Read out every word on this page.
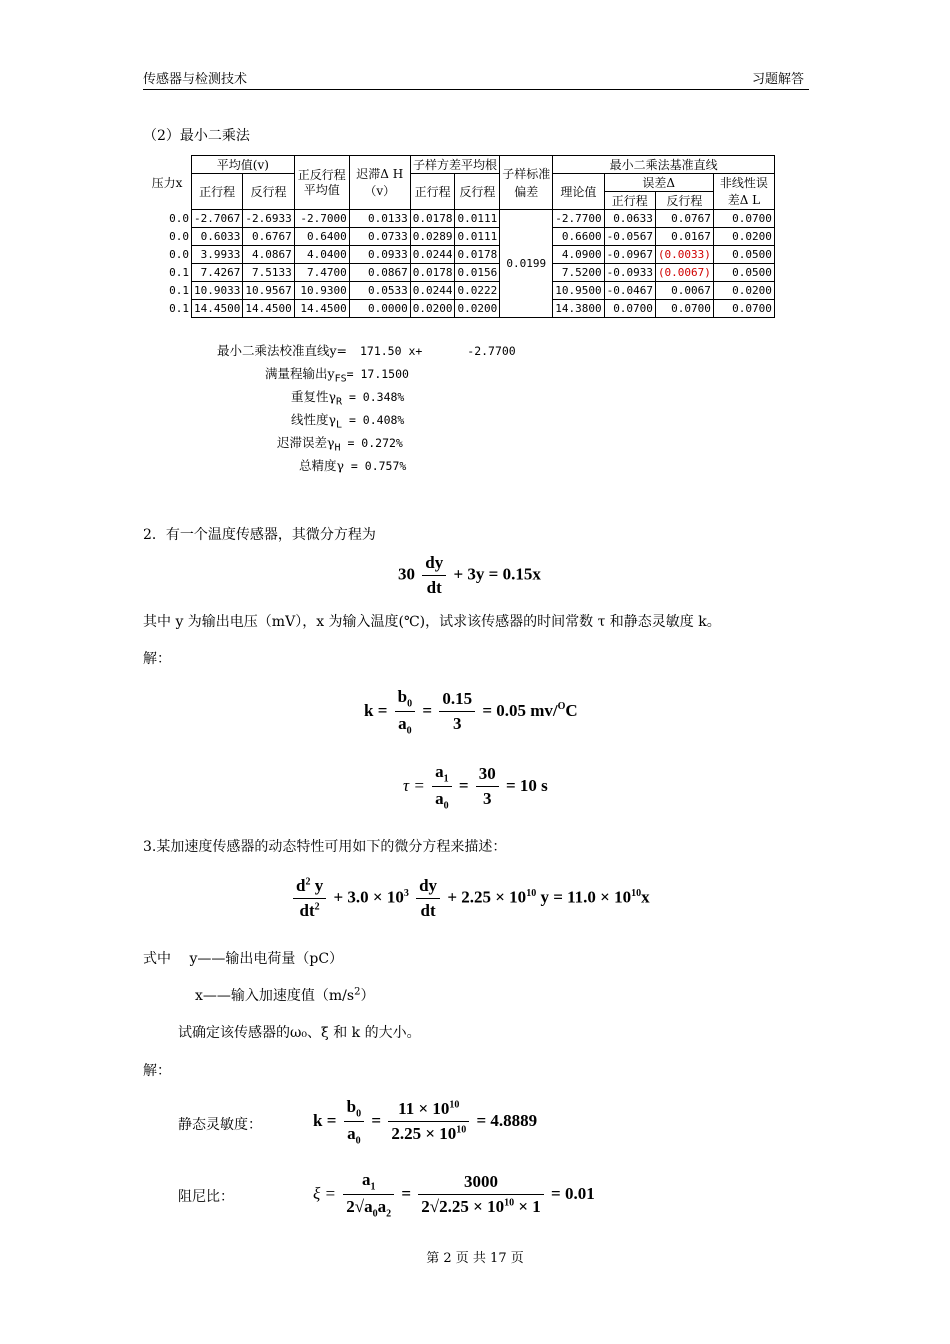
传感器与检测技术	习题解答
（2）最小二乘法
压力x	平均值(v)		正反行程平均值	迟滞Δ H（v）	子样方差平均根		子样标准偏差	最小二乘法基准直线			
	正行程	反行程			正行程	反行程		理论值	误差Δ		非线性误差Δ L
									正行程	反行程	
0.0	-2.7067	-2.6933	-2.7000	0.0133	0.0178	0.0111	0.0199	-2.7700	0.0633	0.0767	0.0700
0.0	0.6033	0.6767	0.6400	0.0733	0.0289	0.0111		0.6600	-0.0567	0.0167	0.0200
0.0	3.9933	4.0867	4.0400	0.0933	0.0244	0.0178		4.0900	-0.0967	(0.0033)	0.0500
0.1	7.4267	7.5133	7.4700	0.0867	0.0178	0.0156		7.5200	-0.0933	(0.0067)	0.0500
0.1	10.9033	10.9567	10.9300	0.0533	0.0244	0.0222		10.9500	-0.0467	0.0067	0.0200
0.1	14.4500	14.4500	14.4500	0.0000	0.0200	0.0200		14.3800	0.0700	0.0700	0.0700
最小二乘法校准直线y= 171.50 x+	-2.7700
满量程输出$y_{FS}= 17.1500$
重复性$\gamma_R = 0.348\%$
线性度$\gamma_L = 0.408\%$
迟滞误差$\gamma_H = 0.272\%$
总精度γ = 0.757%
2．有一个温度传感器，其微分方程为
$30 \frac{dy}{dt} + 3y = 0.15x$
其中 y 为输出电压（mV），x 为输入温度(℃)，试求该传感器的时间常数 τ 和静态灵敏度 k。
解：
$k = \frac{b_0}{a_0} = \frac{0.15}{3} = 0.05$ mv/$^O$C
$\tau = \frac{a_1}{a_0} = \frac{30}{3} = 10$ s
3.某加速度传感器的动态特性可用如下的微分方程来描述：
$\frac{d^2 y}{dt^2} + 3.0 \times 10^3 \frac{dy}{dt} + 2.25 \times 10^{10}$ $y = 11.0 \times 10^{10}x$
式中 y——输出电荷量（pC）
x——输入加速度值$(m/s^2)$
试确定该传感器的ω₀、ξ 和 k 的大小。
解：
静态灵敏度：	$k = \frac{b_0}{a_0} = \frac{11 \times 10^{10}}{2.25 \times 10^{10}} = 4.8889$
阻尼比：	$\xi = \frac{a_1}{2√a_0a_2} = \frac{3000}{2√2.25 \times 10^{10} \times 1} = 0.01$
第 2 页 共 17 页
